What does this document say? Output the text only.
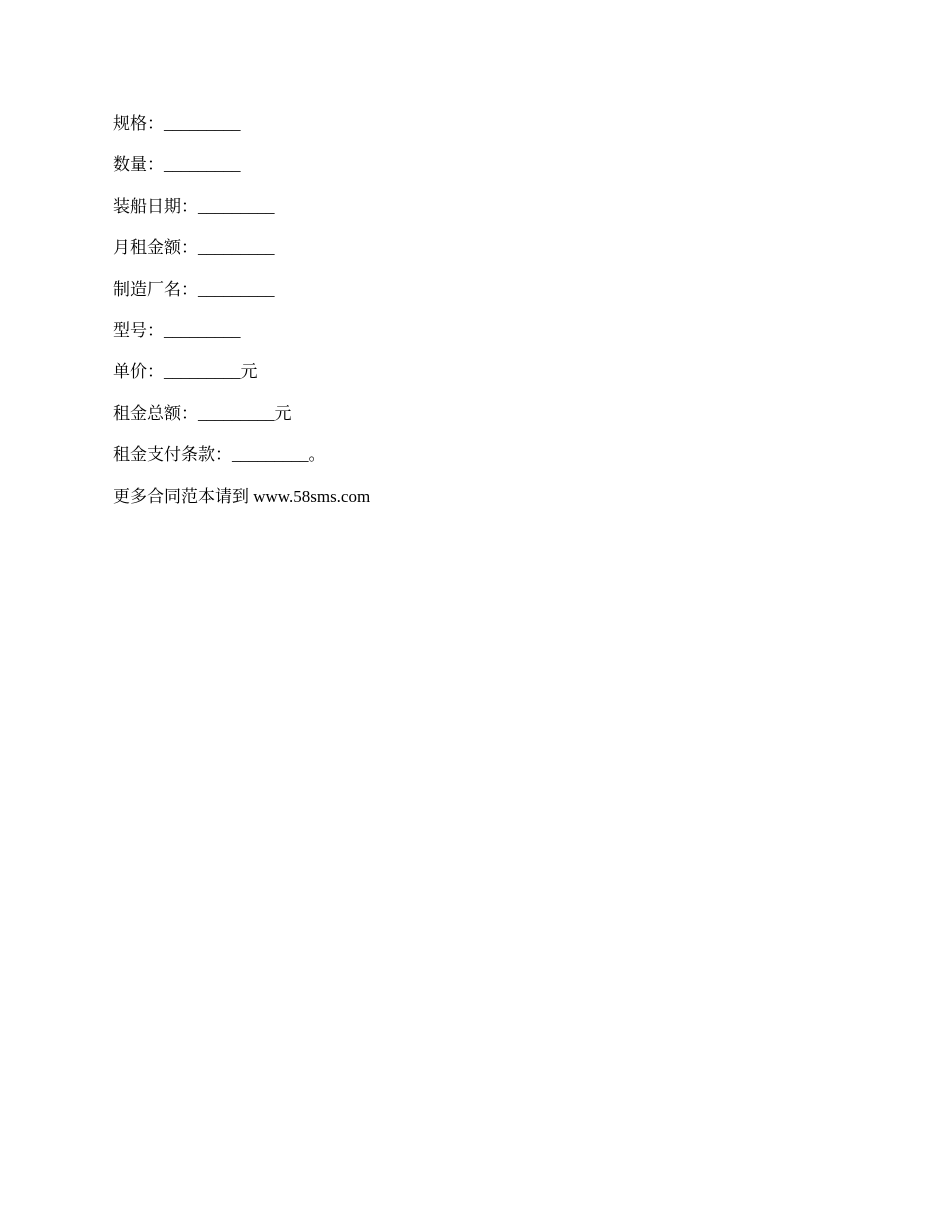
规格：_________
数量：_________
装船日期：_________
月租金额：_________
制造厂名：_________
型号：_________
单价：_________元
租金总额：_________元
租金支付条款：_________。
更多合同范本请到 www.58sms.com
